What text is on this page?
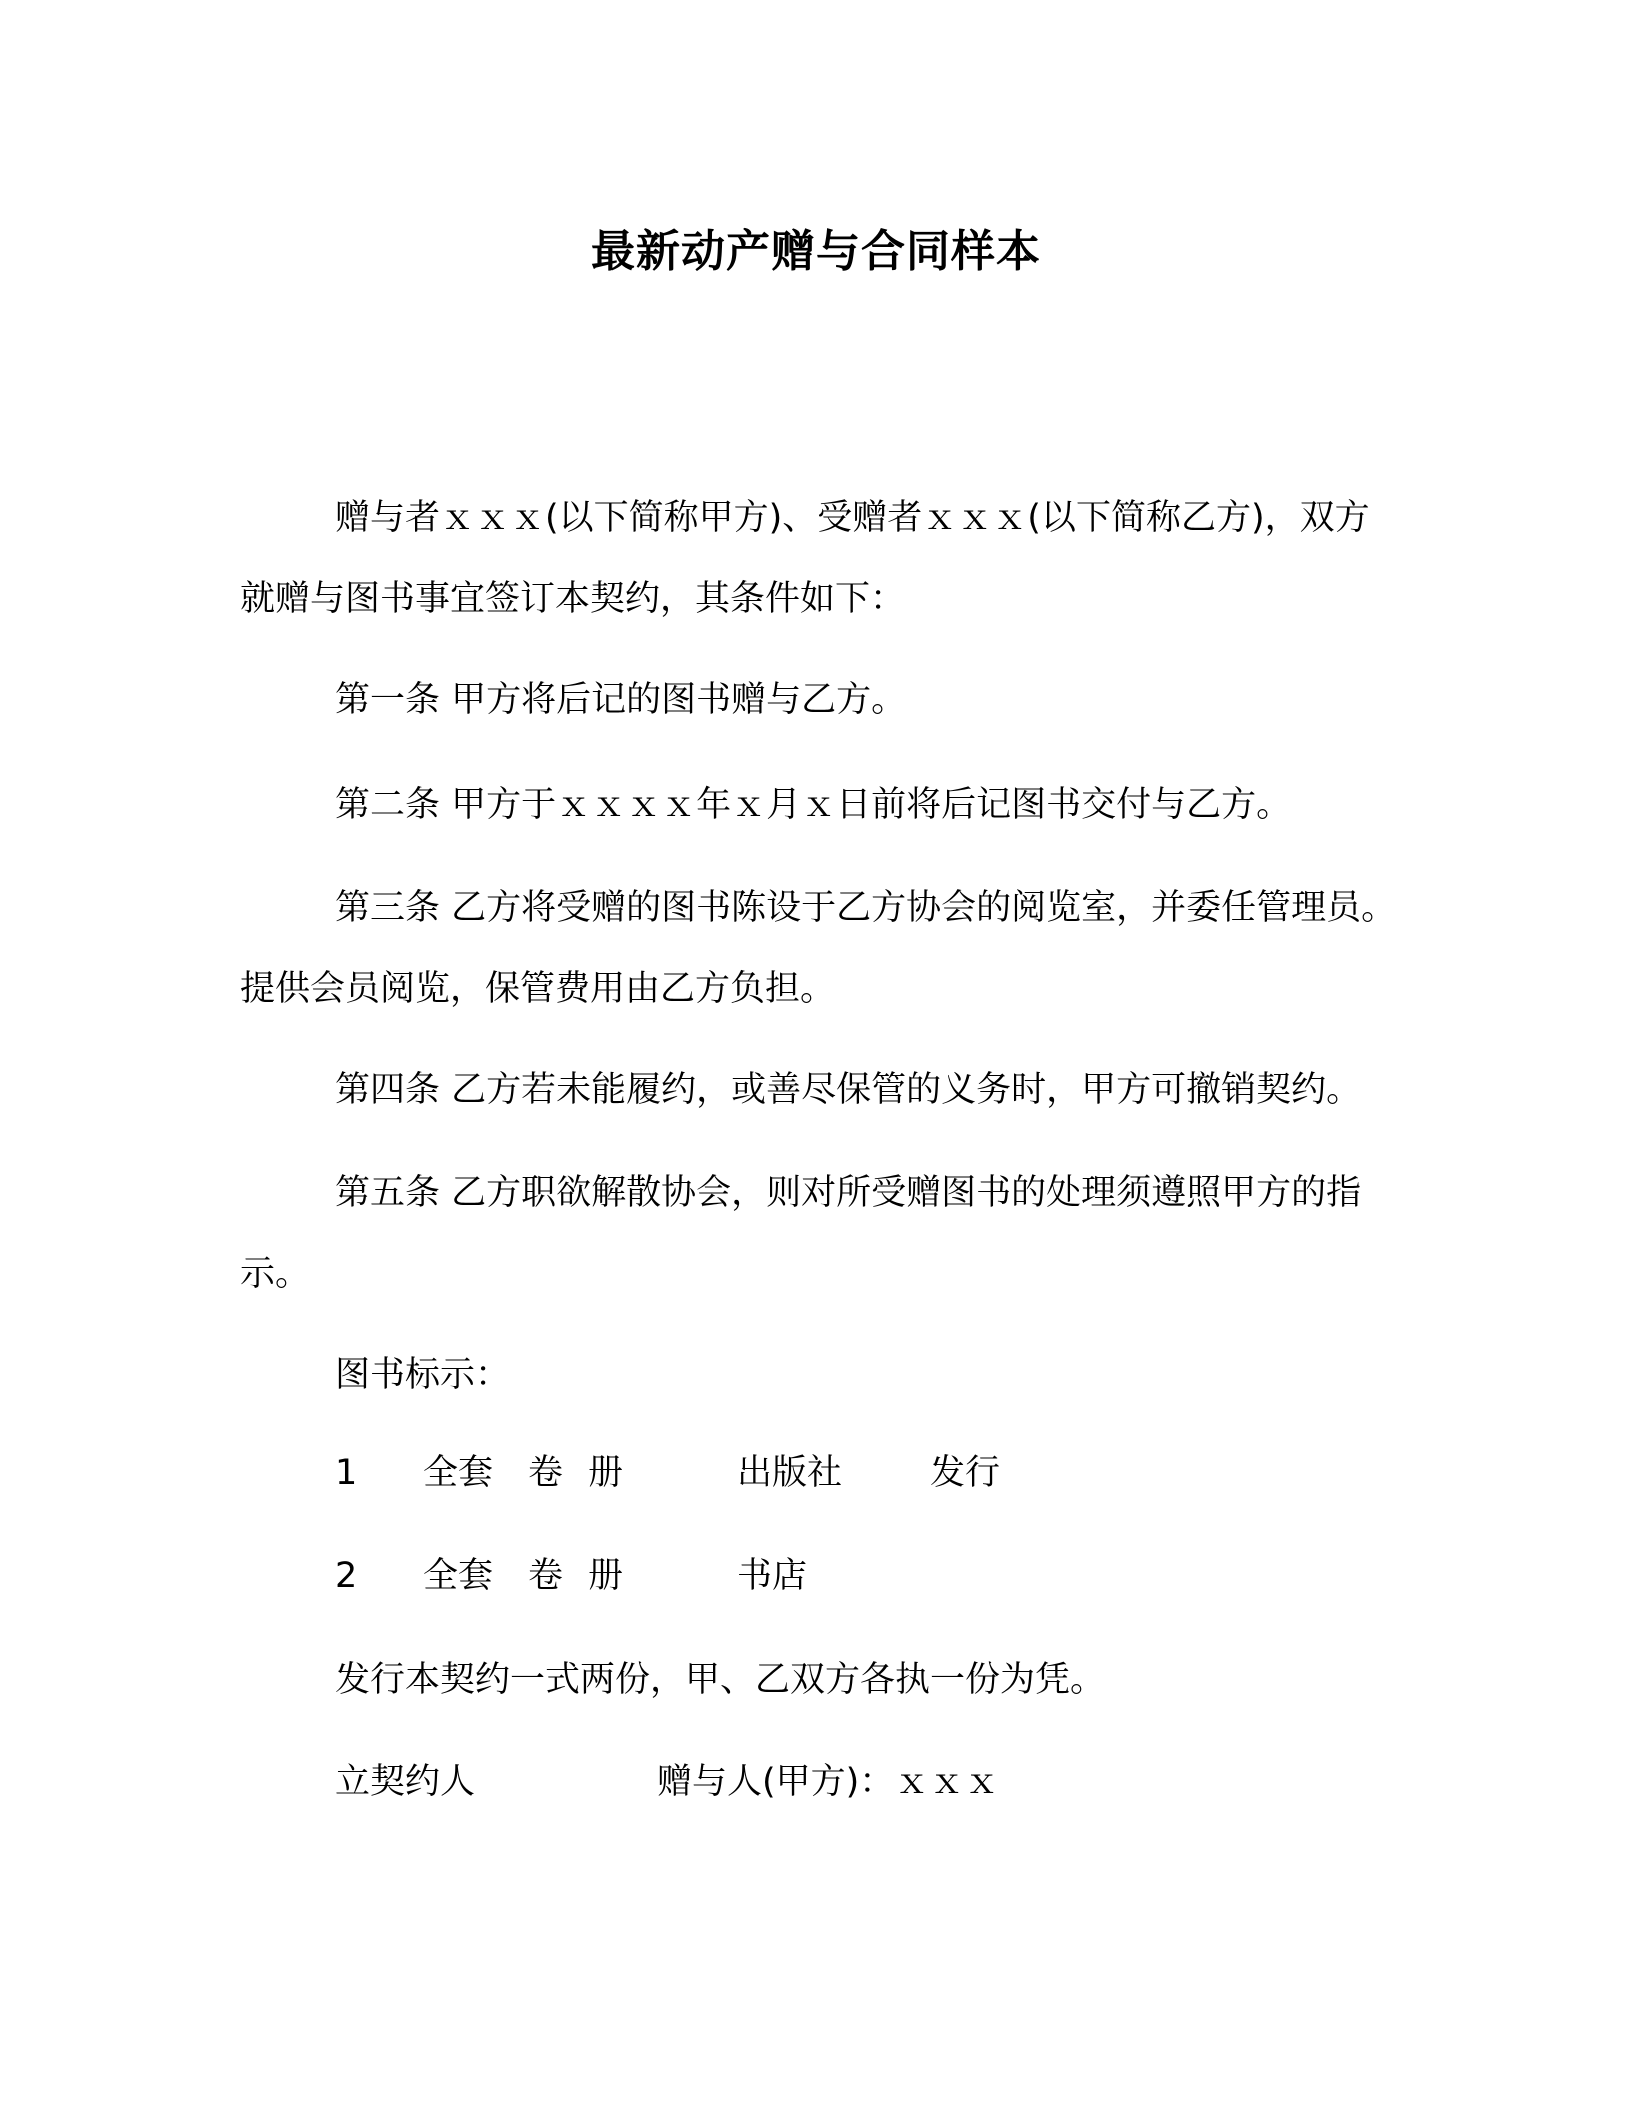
最新动产赠与合同样本

赠与者ｘｘｘ(以下简称甲方)、受赠者ｘｘｘ(以下简称乙方)，双方就赠与图书事宜签订本契约，其条件如下：

第一条 甲方将后记的图书赠与乙方。

第二条 甲方于ｘｘｘｘ年ｘ月ｘ日前将后记图书交付与乙方。

第三条 乙方将受赠的图书陈设于乙方协会的阅览室，并委任管理员。提供会员阅览，保管费用由乙方负担。

第四条 乙方若未能履约，或善尽保管的义务时，甲方可撤销契约。

第五条 乙方职欲解散协会，则对所受赠图书的处理须遵照甲方的指示。

图书标示：

1 全套 卷 册	出版社	发行
2 全套 卷 册	书店

发行本契约一式两份，甲、乙双方各执一份为凭。

立契约人	赠与人(甲方)：ｘｘｘ
